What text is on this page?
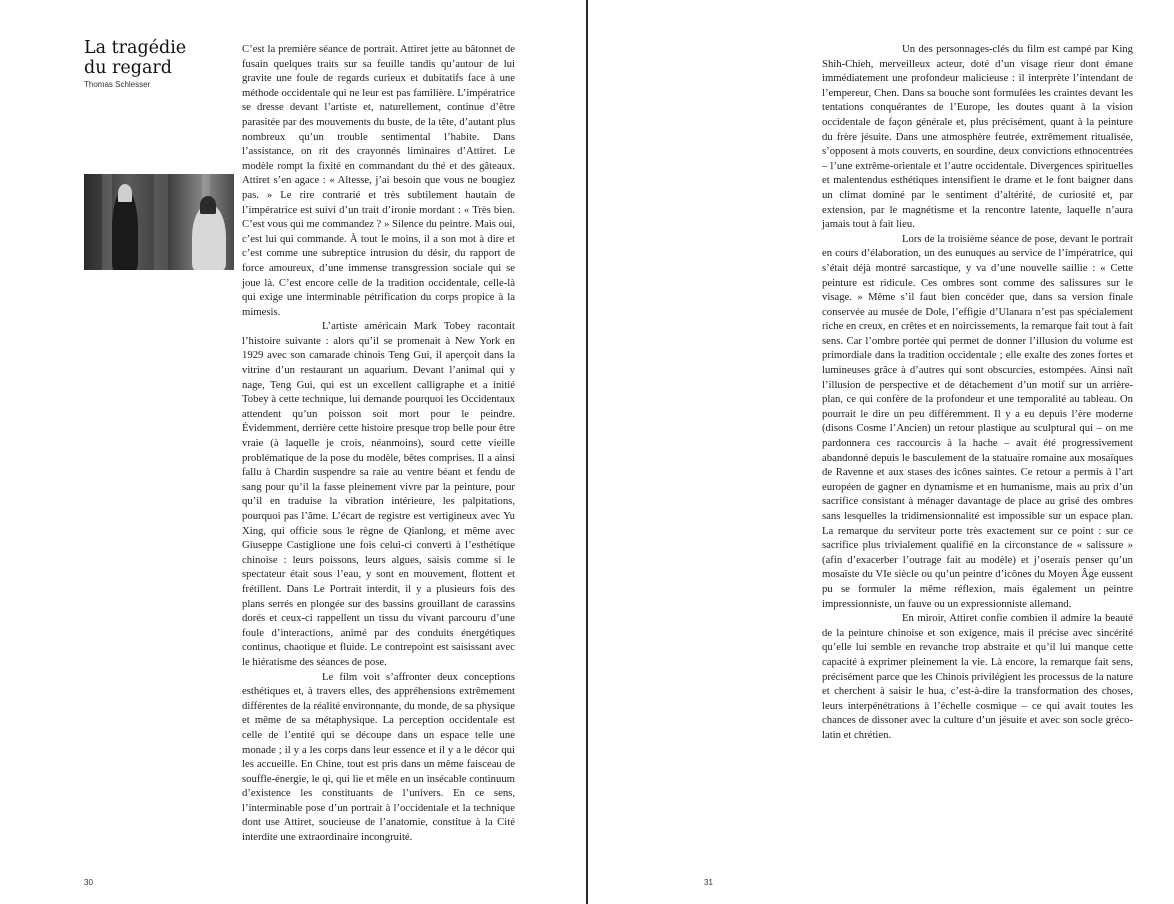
La tragédie
du regard
Thomas Schlesser

C’est la première séance de portrait. Attiret jette au bâtonnet de fusain quelques traits sur sa feuille tandis qu’autour de lui gravite une foule de regards curieux et dubitatifs face à une méthode occidentale qui ne leur est pas familière. L’impératrice se dresse devant l’artiste et, naturellement, continue d’être parasitée par des mouvements du buste, de la tête, d’autant plus nombreux qu’un trouble sentimental l’habite. Dans l’assistance, on rit des crayonnés liminaires d’Attiret. Le modèle rompt la fixité en commandant du thé et des gâteaux. Attiret s’en agace : « Altesse, j’ai besoin que vous ne bougiez pas. » Le rire contrarié et très subtilement hautain de l’impératrice est suivi d’un trait d’ironie mordant : « Très bien. C’est vous qui me commandez ? » Silence du peintre. Mais oui, c’est lui qui commande. À tout le moins, il a son mot à dire et c’est comme une subreptice intrusion du désir, du rapport de force amoureux, d’une immense transgression sociale qui se joue là. C’est encore celle de la tradition occidentale, celle-là qui exige une interminable pétrification du corps propice à la mimesis.

L’artiste américain Mark Tobey racontait l’histoire suivante : alors qu’il se promenait à New York en 1929 avec son camarade chinois Teng Gui, il aperçoit dans la vitrine d’un restaurant un aquarium. Devant l’animal qui y nage, Teng Gui, qui est un excellent calligraphe et a initié Tobey à cette technique, lui demande pourquoi les Occidentaux attendent qu’un poisson soit mort pour le peindre. Évidemment, derrière cette histoire presque trop belle pour être vraie (à laquelle je crois, néanmoins), sourd cette vieille problématique de la pose du modèle, bêtes comprises. Il a ainsi fallu à Chardin suspendre sa raie au ventre béant et fendu de sang pour qu’il la fasse pleinement vivre par la peinture, pour qu’il en traduise la vibration intérieure, les palpitations, pourquoi pas l’âme. L’écart de registre est vertigineux avec Yu Xing, qui officie sous le règne de Qianlong, et même avec Giuseppe Castiglione une fois celui-ci converti à l’esthétique chinoise : leurs poissons, leurs algues, saisis comme si le spectateur était sous l’eau, y sont en mouvement, flottent et frétillent. Dans Le Portrait interdit, il y a plusieurs fois des plans serrés en plongée sur des bassins grouillant de carassins dorés et ceux-ci rappellent un tissu du vivant parcouru d’une foule d’interactions, animé par des conduits énergétiques continus, chaotique et fluide. Le contrepoint est saisissant avec le hiératisme des séances de pose.

Le film voit s’affronter deux conceptions esthétiques et, à travers elles, des appréhensions extrêmement différentes de la réalité environnante, du monde, de sa physique et même de sa métaphysique. La perception occidentale est celle de l’entité qui se découpe dans un espace telle une monade ; il y a les corps dans leur essence et il y a le décor qui les accueille. En Chine, tout est pris dans un même faisceau de souffle-énergie, le qi, qui lie et mêle en un insécable continuum d’existence les constituants de l’univers. En ce sens, l’interminable pose d’un portrait à l’occidentale et la technique dont use Attiret, soucieuse de l’anatomie, constitue à la Cité interdite une extraordinaire incongruité.

30

Un des personnages-clés du film est campé par King Shih-Chieh, merveilleux acteur, doté d’un visage rieur dont émane immédiatement une profondeur malicieuse : il interprète l’intendant de l’empereur, Chen. Dans sa bouche sont formulées les craintes devant les tentations conquérantes de l’Europe, les doutes quant à la vision occidentale de façon générale et, plus précisément, quant à la peinture du frère jésuite. Dans une atmosphère feutrée, extrêmement ritualisée, s’opposent à mots couverts, en sourdine, deux convictions ethnocentrées – l’une extrême-orientale et l’autre occidentale. Divergences spirituelles et malentendus esthétiques intensifient le drame et le font baigner dans un climat dominé par le sentiment d’altérité, de curiosité et, par extension, par le magnétisme et la rencontre latente, laquelle n’aura jamais tout à fait lieu.

Lors de la troisième séance de pose, devant le portrait en cours d’élaboration, un des eunuques au service de l’impératrice, qui s’était déjà montré sarcastique, y va d’une nouvelle saillie : « Cette peinture est ridicule. Ces ombres sont comme des salissures sur le visage. » Même s’il faut bien concéder que, dans sa version finale conservée au musée de Dole, l’effigie d’Ulanara n’est pas spécialement riche en creux, en crêtes et en noircissements, la remarque fait tout à fait sens. Car l’ombre portée qui permet de donner l’illusion du volume est primordiale dans la tradition occidentale ; elle exalte des zones fortes et lumineuses grâce à d’autres qui sont obscurcies, estompées. Ainsi naît l’illusion de perspective et de détachement d’un motif sur un arrière-plan, ce qui confère de la profondeur et une temporalité au tableau. On pourrait le dire un peu différemment. Il y a eu depuis l’ère moderne (disons Cosme l’Ancien) un retour plastique au sculptural qui – on me pardonnera ces raccourcis à la hache – avait été progressivement abandonné depuis le basculement de la statuaire romaine aux mosaïques de Ravenne et aux stases des icônes saintes. Ce retour a permis à l’art européen de gagner en dynamisme et en humanisme, mais au prix d’un sacrifice consistant à ménager davantage de place au grisé des ombres sans lesquelles la tridimensionnalité est impossible sur un espace plan. La remarque du serviteur porte très exactement sur ce point : sur ce sacrifice plus trivialement qualifié en la circonstance de « salissure » (afin d’exacerber l’outrage fait au modèle) et j’oserais penser qu’un mosaïste du VIe siècle ou qu’un peintre d’icônes du Moyen Âge eussent pu se formuler la même réflexion, mais également un peintre impressionniste, un fauve ou un expressionniste allemand.

En miroir, Attiret confie combien il admire la beauté de la peinture chinoise et son exigence, mais il précise avec sincérité qu’elle lui semble en revanche trop abstraite et qu’il lui manque cette capacité à exprimer pleinement la vie. Là encore, la remarque fait sens, précisément parce que les Chinois privilégient les processus de la nature et cherchent à saisir le hua, c’est-à-dire la transformation des choses, leurs interpénétrations à l’échelle cosmique – ce qui avait toutes les chances de dissoner avec la culture d’un jésuite et avec son socle gréco-latin et chrétien.

31
